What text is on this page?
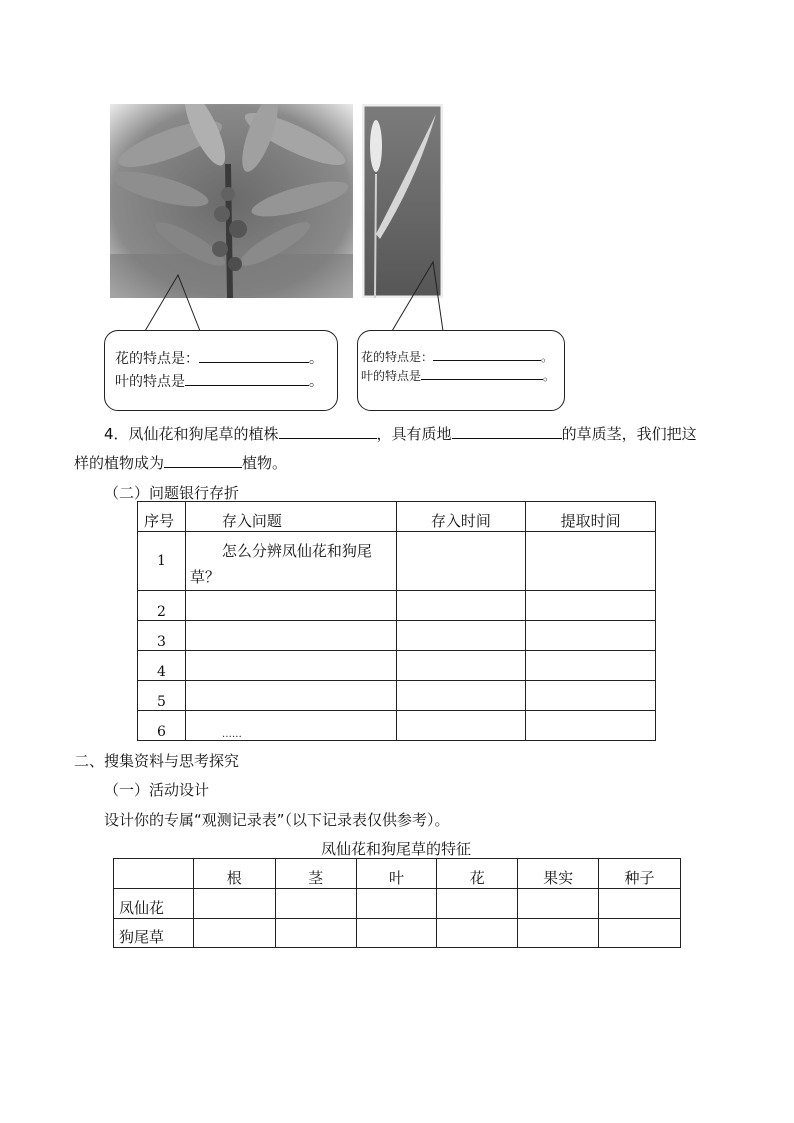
花的特点是：	。
叶的特点是	。
花的特点是：	。
叶的特点是	。
4．凤仙花和狗尾草的植株	，具有质地	的草质茎，我们把这
样的植物成为	植物。
（二）问题银行存折
序号	存入问题	存入时间	提取时间
1	怎么分辨凤仙花和狗尾草？		
2			
3			
4			
5			
6	……		
二、搜集资料与思考探究
（一）活动设计
设计你的专属“观测记录表”（以下记录表仅供参考）。
凤仙花和狗尾草的特征
	根	茎	叶	花	果实	种子
凤仙花						
狗尾草						
